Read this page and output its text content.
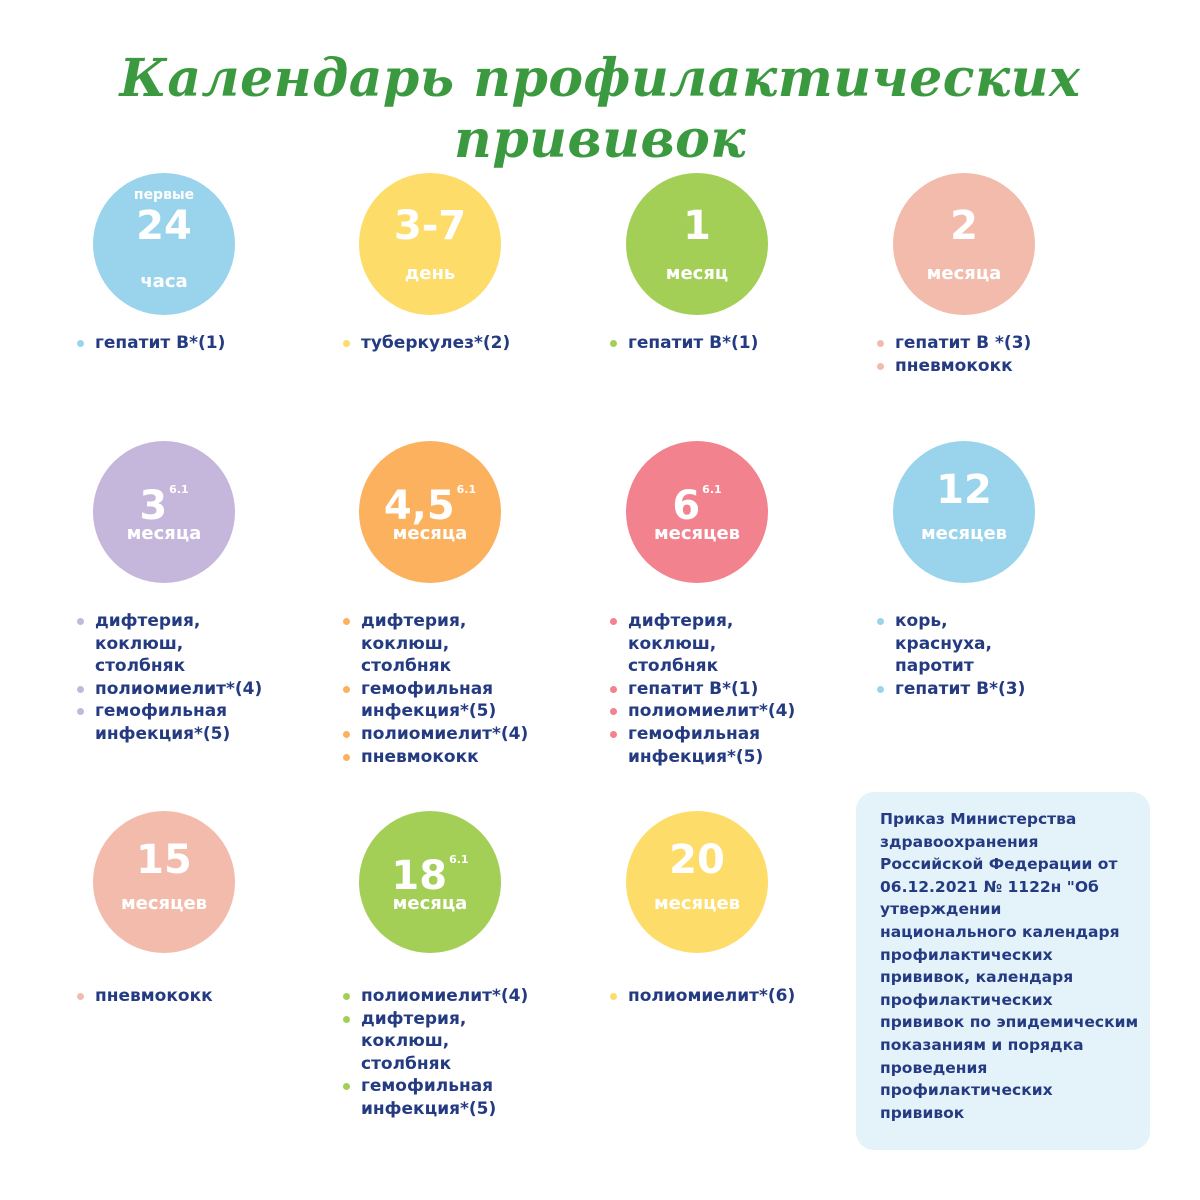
Календарь профилактических прививок
первые
24
часа
гепатит В*(1)
3-7
день
туберкулез*(2)
1
месяц
гепатит В*(1)
2
месяца
гепатит В *(3)
пневмококк
3 $^{6.1}$
месяца
дифтерия, коклюш, столбняк
полиомиелит*(4)
гемофильная инфекция*(5)
4,5 $^{6.1}$
месяца
дифтерия, коклюш, столбняк
гемофильная инфекция*(5)
полиомиелит*(4)
пневмококк
6 $^{6.1}$
месяцев
дифтерия, коклюш, столбняк
гепатит В*(1)
полиомиелит*(4)
гемофильная инфекция*(5)
12
месяцев
корь, краснуха, паротит
гепатит В*(3)
15
месяцев
пневмококк
18 $^{6.1}$
месяца
полиомиелит*(4)
дифтерия, коклюш, столбняк
гемофильная инфекция*(5)
20
месяцев
полиомиелит*(6)
Приказ Министерства здравоохранения Российской Федерации от 06.12.2021 № 1122н "Об утверждении национального календаря профилактических прививок, календаря профилактических прививок по эпидемическим показаниям и порядка проведения профилактических прививок
